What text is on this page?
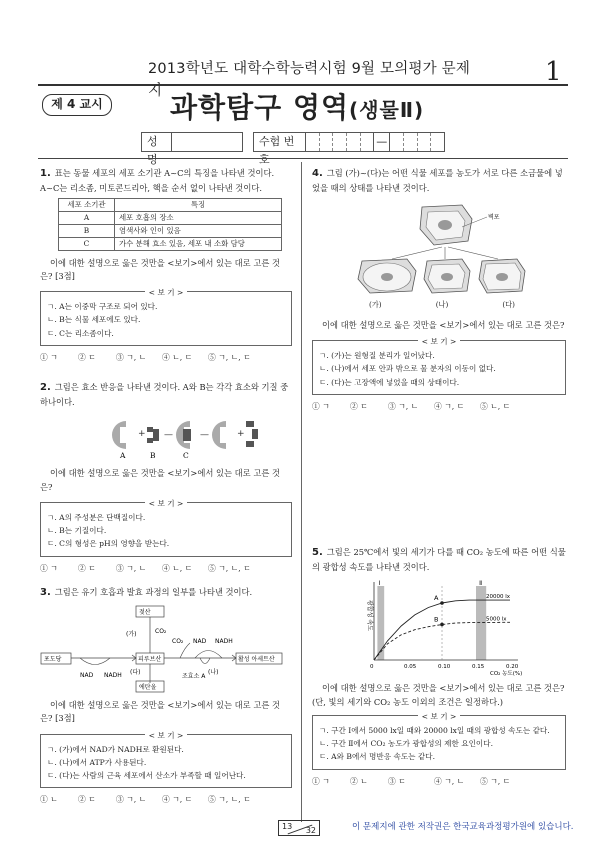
2013학년도 대학수학능력시험 9월 모의평가 문제지
1
제 4 교시	과학탐구 영역(생물Ⅱ)
성명
수험 번호
—
1. 표는 동물 세포의 세포 소기관 A~C의 특징을 나타낸 것이다. A~C는 리소좀, 미토콘드리아, 핵을 순서 없이 나타낸 것이다.
세포 소기관	특징
A	세포 호흡의 장소
B	염색사와 인이 있음
C	가수 분해 효소 있음, 세포 내 소화 담당
이에 대한 설명으로 옳은 것만을 <보기>에서 있는 대로 고른 것은? [3점]
< 보 기 >
ㄱ. A는 이중막 구조로 되어 있다.
ㄴ. B는 식물 세포에도 있다.
ㄷ. C는 리소좀이다.
① ㄱ	② ㄷ	③ ㄱ, ㄴ ④ ㄴ, ㄷ ⑤ ㄱ, ㄴ, ㄷ
2. 그림은 효소 반응을 나타낸 것이다. A와 B는 각각 효소와 기질 중 하나이다.
+ —	—	+
A	B	C
이에 대한 설명으로 옳은 것만을 <보기>에서 있는 대로 고른 것은?
< 보 기 >
ㄱ. A의 주성분은 단백질이다.
ㄴ. B는 기질이다.
ㄷ. C의 형성은 pH의 영향을 받는다.
① ㄱ	② ㄷ	③ ㄱ, ㄴ ④ ㄴ, ㄷ ⑤ ㄱ, ㄴ, ㄷ
3. 그림은 유기 호흡과 발효 과정의 일부를 나타낸 것이다.
젖산
(가)	CO₂
포도당
NAD NADH
피루브산
CO₂ NAD NADH
조효소 A
(나)
활성 아세트산
(다)
에탄올
이에 대한 설명으로 옳은 것만을 <보기>에서 있는 대로 고른 것은? [3점]
< 보 기 >
ㄱ. (가)에서 NAD가 NADH로 환원된다.
ㄴ. (나)에서 ATP가 사용된다.
ㄷ. (다)는 사람의 근육 세포에서 산소가 부족할 때 일어난다.
① ㄴ	② ㄷ	③ ㄱ, ㄴ ④ ㄱ, ㄷ ⑤ ㄱ, ㄴ, ㄷ
4. 그림 (가)~(다)는 어떤 식물 세포를 농도가 서로 다른 소금물에 넣었을 때의 상태를 나타낸 것이다.
벽포
(가)	(나)	(다)
이에 대한 설명으로 옳은 것만을 <보기>에서 있는 대로 고른 것은?
< 보 기 >
ㄱ. (가)는 원형질 분리가 일어났다.
ㄴ. (나)에서 세포 안과 밖으로 물 분자의 이동이 없다.
ㄷ. (다)는 고장액에 넣었을 때의 상태이다.
① ㄱ	② ㄷ	③ ㄱ, ㄴ ④ ㄱ, ㄷ ⑤ ㄴ, ㄷ
5. 그림은 25℃에서 빛의 세기가 다를 때 CO₂ 농도에 따른 어떤 식물의 광합성 속도를 나타낸 것이다.
Ⅰ	Ⅱ
광합성 속도
0	0.05	0.10	0.15	0.20
CO₂ 농도(%)
20000 lx
5000 lx
A
B
이에 대한 설명으로 옳은 것만을 <보기>에서 있는 대로 고른 것은? (단, 빛의 세기와 CO₂ 농도 이외의 조건은 일정하다.)
< 보 기 >
ㄱ. 구간 Ⅰ에서 5000 lx일 때와 20000 lx일 때의 광합성 속도는 같다.
ㄴ. 구간 Ⅱ에서 CO₂ 농도가 광합성의 제한 요인이다.
ㄷ. A와 B에서 명반응 속도는 같다.
① ㄱ	② ㄴ	③ ㄷ	④ ㄱ, ㄴ ⑤ ㄱ, ㄷ
13 32	이 문제지에 관한 저작권은 한국교육과정평가원에 있습니다.
